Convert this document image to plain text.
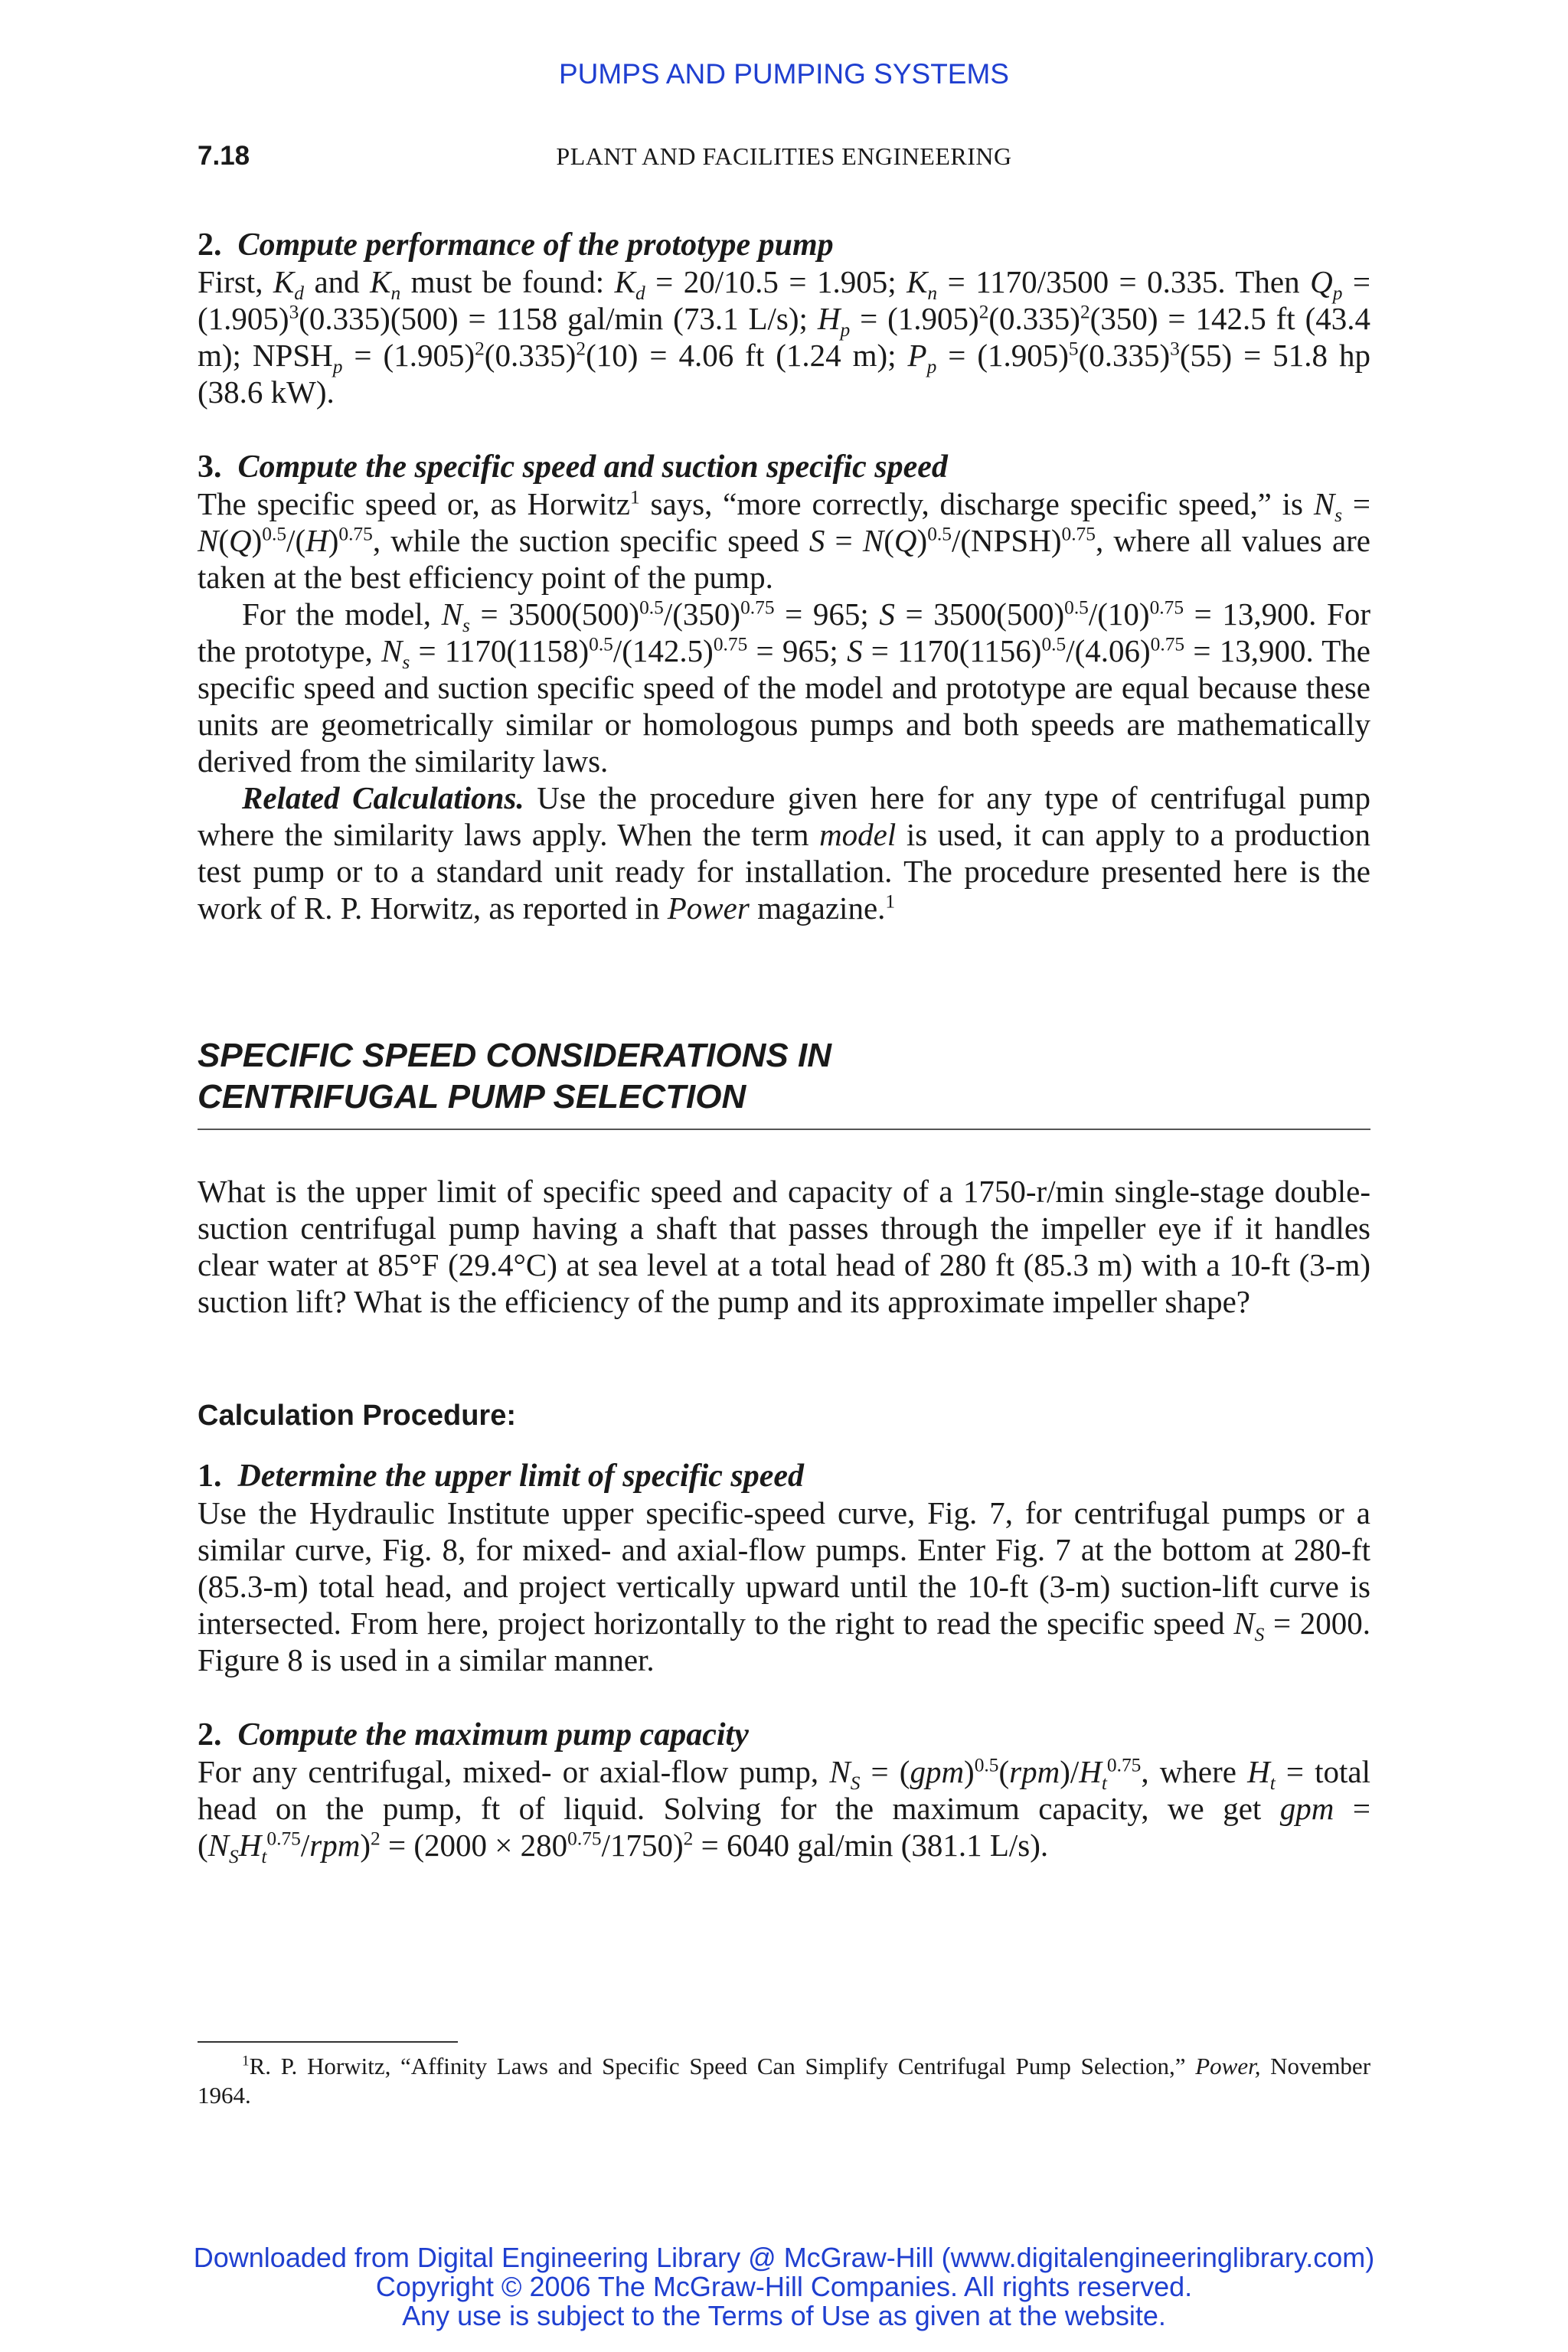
PUMPS AND PUMPING SYSTEMS
PLANT AND FACILITIES ENGINEERING
7.18

2. Compute performance of the prototype pump

First, $K_d$ and $K_n$ must be found: $K_d = 20/10.5 = 1.905$; $K_n = 1170/3500 = 0.335$. Then $Q_p = (1.905)^3(0.335)(500) = 1158$ gal/min (73.1 L/s); $H_p = (1.905)^2(0.335)^2(350) = 142.5$ ft (43.4 m); $NPSH_p = (1.905)^2(0.335)^2(10) = 4.06$ ft (1.24 m); $P_p = (1.905)^5(0.335)^3(55) = 51.8$ hp (38.6 kW).

3. Compute the specific speed and suction specific speed

The specific speed or, as Horwitz$^1$ says, “more correctly, discharge specific speed,” is $N_s = N(Q)^{0.5}/(H)^{0.75}$, while the suction specific speed $S = N(Q)^{0.5}/(NPSH)^{0.75}$, where all values are taken at the best efficiency point of the pump.

For the model, $N_s = 3500(500)^{0.5}/(350)^{0.75} = 965$; $S = 3500(500)^{0.5}/(10)^{0.75} = 13,900$. For the prototype, $N_s = 1170(1158)^{0.5}/(142.5)^{0.75} = 965$; $S = 1170(1156)^{0.5}/(4.06)^{0.75} = 13,900$. The specific speed and suction specific speed of the model and prototype are equal because these units are geometrically similar or homologous pumps and both speeds are mathematically derived from the similarity laws.

Related Calculations. Use the procedure given here for any type of centrifugal pump where the similarity laws apply. When the term model is used, it can apply to a production test pump or to a standard unit ready for installation. The procedure presented here is the work of R. P. Horwitz, as reported in Power magazine.$^1$

SPECIFIC SPEED CONSIDERATIONS IN

CENTRIFUGAL PUMP SELECTION

What is the upper limit of specific speed and capacity of a 1750-r/min single-stage double-suction centrifugal pump having a shaft that passes through the impeller eye if it handles clear water at 85°F (29.4°C) at sea level at a total head of 280 ft (85.3 m) with a 10-ft (3-m) suction lift? What is the efficiency of the pump and its approximate impeller shape?

Calculation Procedure:

1. Determine the upper limit of specific speed

Use the Hydraulic Institute upper specific-speed curve, Fig. 7, for centrifugal pumps or a similar curve, Fig. 8, for mixed- and axial-flow pumps. Enter Fig. 7 at the bottom at 280-ft (85.3-m) total head, and project vertically upward until the 10-ft (3-m) suction-lift curve is intersected. From here, project horizontally to the right to read the specific speed $N_S = 2000$. Figure 8 is used in a similar manner.

2. Compute the maximum pump capacity

For any centrifugal, mixed- or axial-flow pump, $N_S = (gpm)^{0.5}(rpm)/H_t^{0.75}$, where $H_t$ = total head on the pump, ft of liquid. Solving for the maximum capacity, we get gpm = $(N_SH_t^{0.75}/rpm)^2 = (2000 \times 280^{0.75}/1750)^2 = 6040$ gal/min (381.1 L/s).

$^1$R. P. Horwitz, “Affinity Laws and Specific Speed Can Simplify Centrifugal Pump Selection,” Power, November 1964.

Downloaded from Digital Engineering Library @ McGraw-Hill (www.digitalengineeringlibrary.com)
Copyright © 2006 The McGraw-Hill Companies. All rights reserved.
Any use is subject to the Terms of Use as given at the website.
